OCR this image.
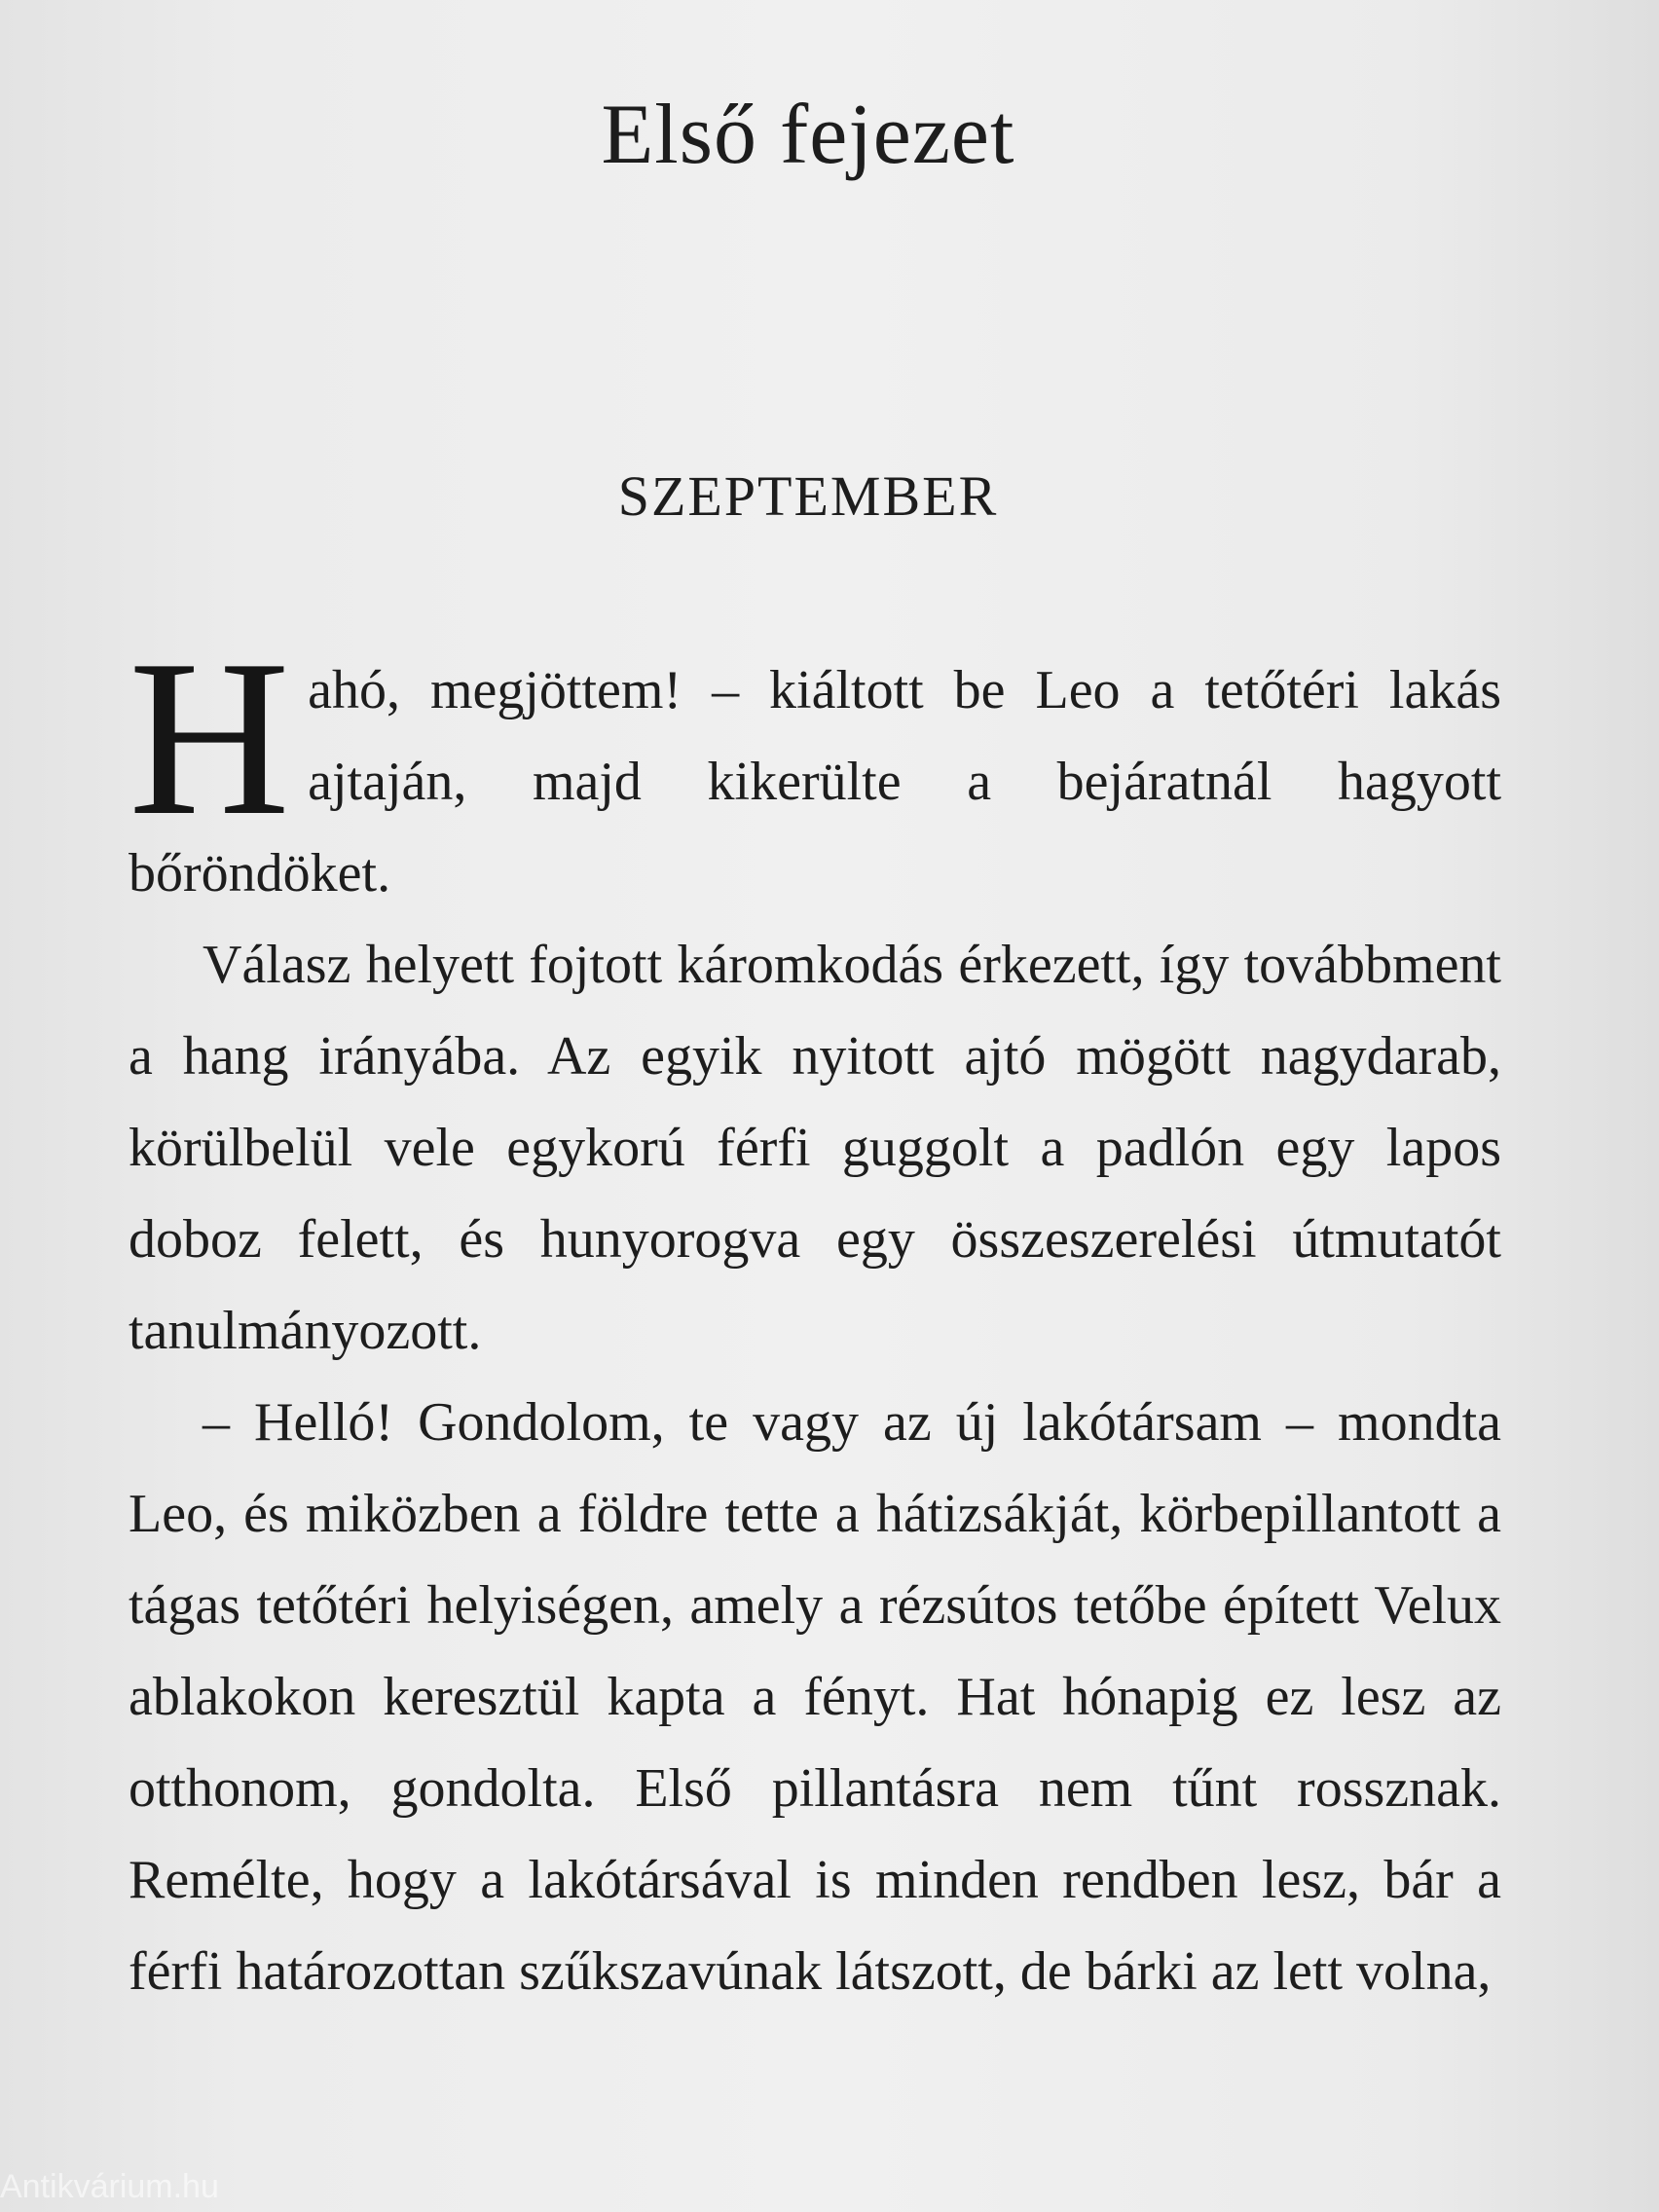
Első fejezet
SZEPTEMBER

Hahó, megjöttem! – kiáltott be Leo a tetőtéri lakás ajtaján, majd kikerülte a bejáratnál hagyott bőröndöket.

Válasz helyett fojtott káromkodás érkezett, így továbbment a hang irányába. Az egyik nyitott ajtó mögött nagydarab, körülbelül vele egykorú férfi guggolt a padlón egy lapos doboz felett, és hunyorogva egy összeszerelési útmutatót tanulmányozott.

– Helló! Gondolom, te vagy az új lakótársam – mondta Leo, és miközben a földre tette a hátizsákját, körbepillantott a tágas tetőtéri helyiségen, amely a rézsútos tetőbe épített Velux ablakokon keresztül kapta a fényt. Hat hónapig ez lesz az otthonom, gondolta. Első pillantásra nem tűnt rossznak. Remélte, hogy a lakótársával is minden rendben lesz, bár a férfi határozottan szűkszavúnak látszott, de bárki az lett volna,

Antikvárium.hu
